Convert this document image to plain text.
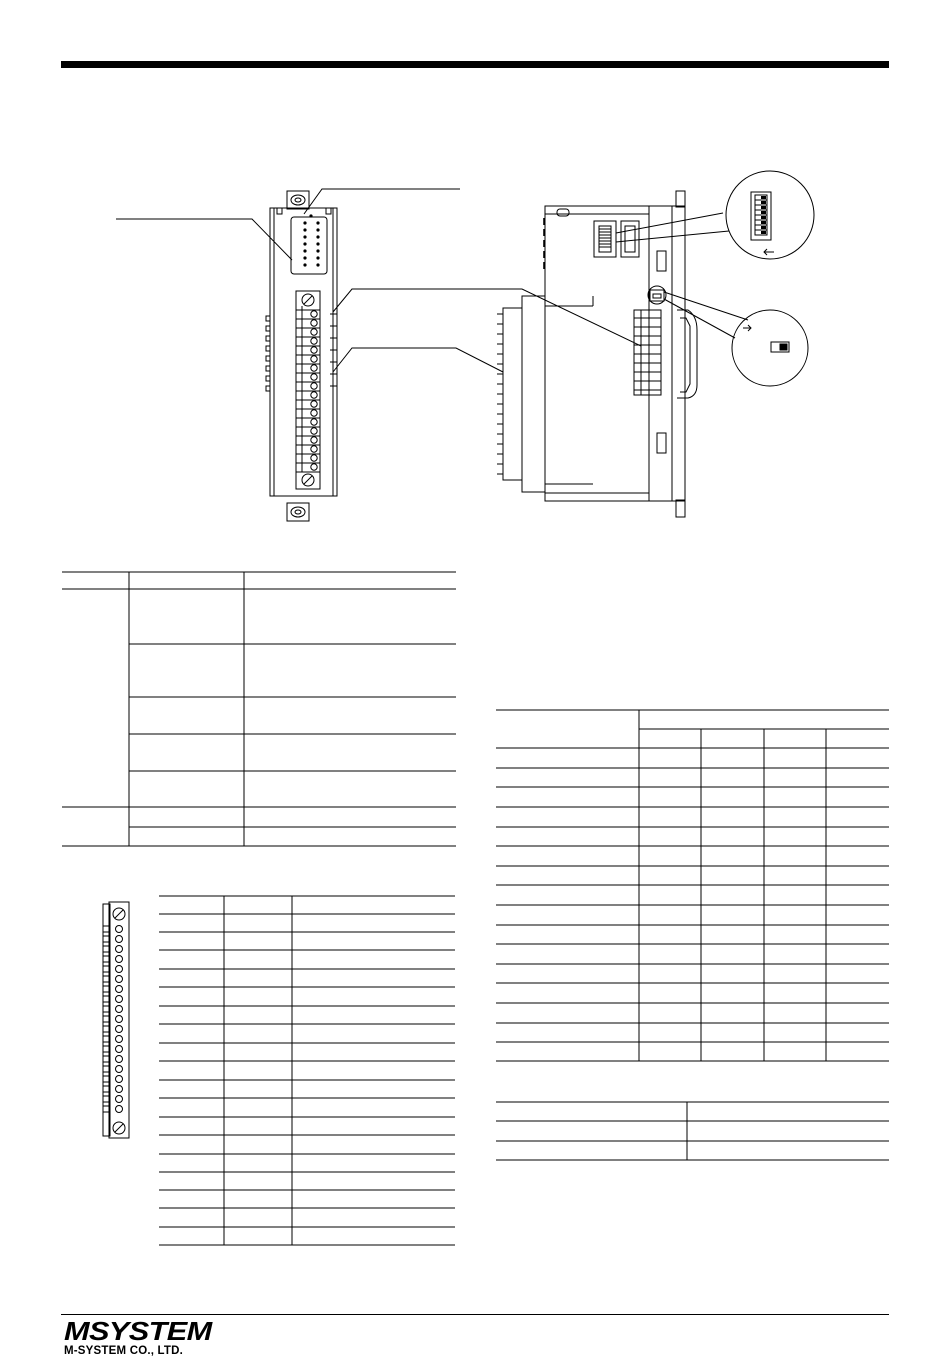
MSYSTEM
M-SYSTEM CO., LTD.
